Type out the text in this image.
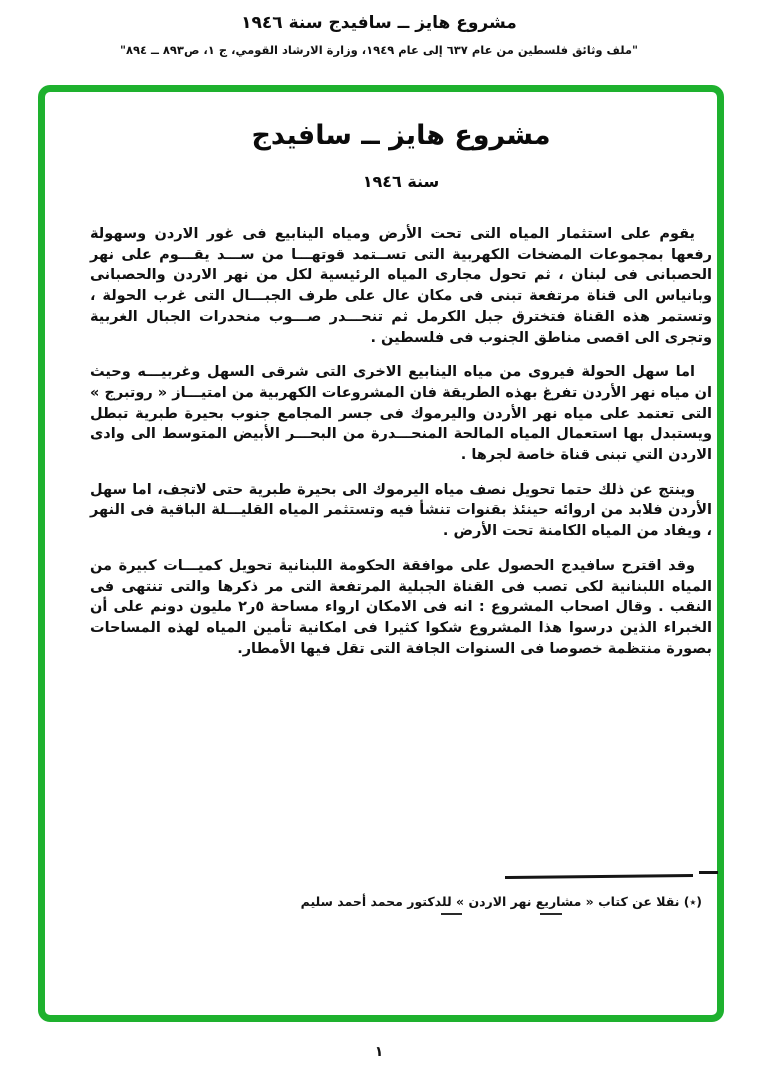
مشروع هايز ــ سافيدج سنة ١٩٤٦
"ملف وثائق فلسطين من عام ٦٣٧ إلى عام ١٩٤٩، وزارة الارشاد القومي، ج ١، ص٨٩٣ ــ ٨٩٤"
مشروع هايز ــ سافيدج
سنة ١٩٤٦

يقوم على استثمار المياه التى تحت الأرض ومياه الينابيع فى غور الاردن وسهولة رفعها بمجموعات المضخات الكهربية التى تســتمد قوتهـــا من ســـد يقـــوم على نهر الحصبانى فى لبنان ، ثم تحول مجارى المياه الرئيسية لكل من نهر الاردن والحصبانى وبانياس الى قناة مرتفعة تبنى فى مكان عال على طرف الجبـــال التى غرب الحولة ، وتستمر هذه القناة فتخترق جبل الكرمل ثم تنحـــدر صـــوب منحدرات الجبال الغربية وتجرى الى اقصى مناطق الجنوب فى فلسطين .

اما سهل الحولة فيروى من مياه الينابيع الاخرى التى شرقى السهل وغربيـــه وحيث ان مياه نهر الأردن تفرغ بهذه الطريقة فان المشروعات الكهربية من امتيـــاز « روتبرج » التى تعتمد على مياه نهر الأردن واليرموك فى جسر المجامع جنوب بحيرة طبرية تبطل ويستبدل بها استعمال المياه المالحة المنحـــدرة من البحـــر الأبيض المتوسط الى وادى الاردن التي تبنى قناة خاصة لجرها .

وينتج عن ذلك حتما تحويل نصف مياه اليرموك الى بحيرة طبرية حتى لاتجف، اما سهل الأردن فلابد من اروائه حينئذ بقنوات تنشأ فيه وتستثمر المياه القليـــلة الباقية فى النهر ، ويفاد من المياه الكامنة تحت الأرض .

وقد اقترح سافيدج الحصول على موافقة الحكومة اللبنانية تحويل كميـــات كبيرة من المياه اللبنانية لكى تصب فى القناة الجبلية المرتفعة التى مر ذكرها والتى تنتهى فى النقب . وقال اصحاب المشروع : انه فى الامكان ارواء مساحة ٥ر٢ مليون دونم على أن الخبراء الذين درسوا هذا المشروع شكوا كثيرا فى امكانية تأمين المياه لهذه المساحات بصورة منتظمة خصوصا فى السنوات الجافة التى تقل فيها الأمطار.

(٭) نقلا عن كتاب « مشاريع نهر الاردن » للدكتور محمد أحمد سليم
١
